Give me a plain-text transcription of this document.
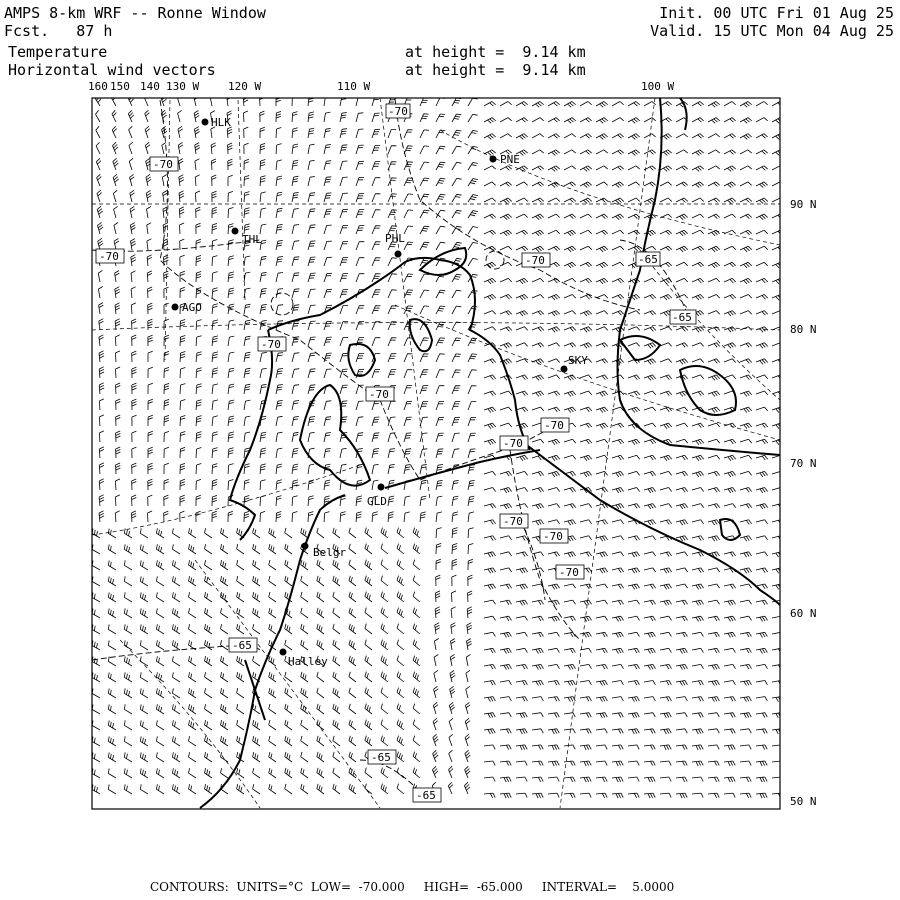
AMPS 8-km WRF -- Ronne Window
Fcst.   87 h
Temperature
Horizontal wind vectors
Init. 00 UTC Fri 01 Aug 25
Valid. 15 UTC Mon 04 Aug 25
at height =  9.14 km
at height =  9.14 km
HLK
PNE
THL	PHL
AGO
SKY
GLD
Belgr
Halley
-70
-70
-70	-70
-70
-65
-65
-70
-70
-70
-70
-70
-70
-65
-65
-65
160 150 140 130 W	120 W	110 W	100 W
90 N
80 N
70 N
60 N
50 N
CONTOURS:  UNITS=°C  LOW=  -70.000     HIGH=  -65.000     INTERVAL=    5.0000
